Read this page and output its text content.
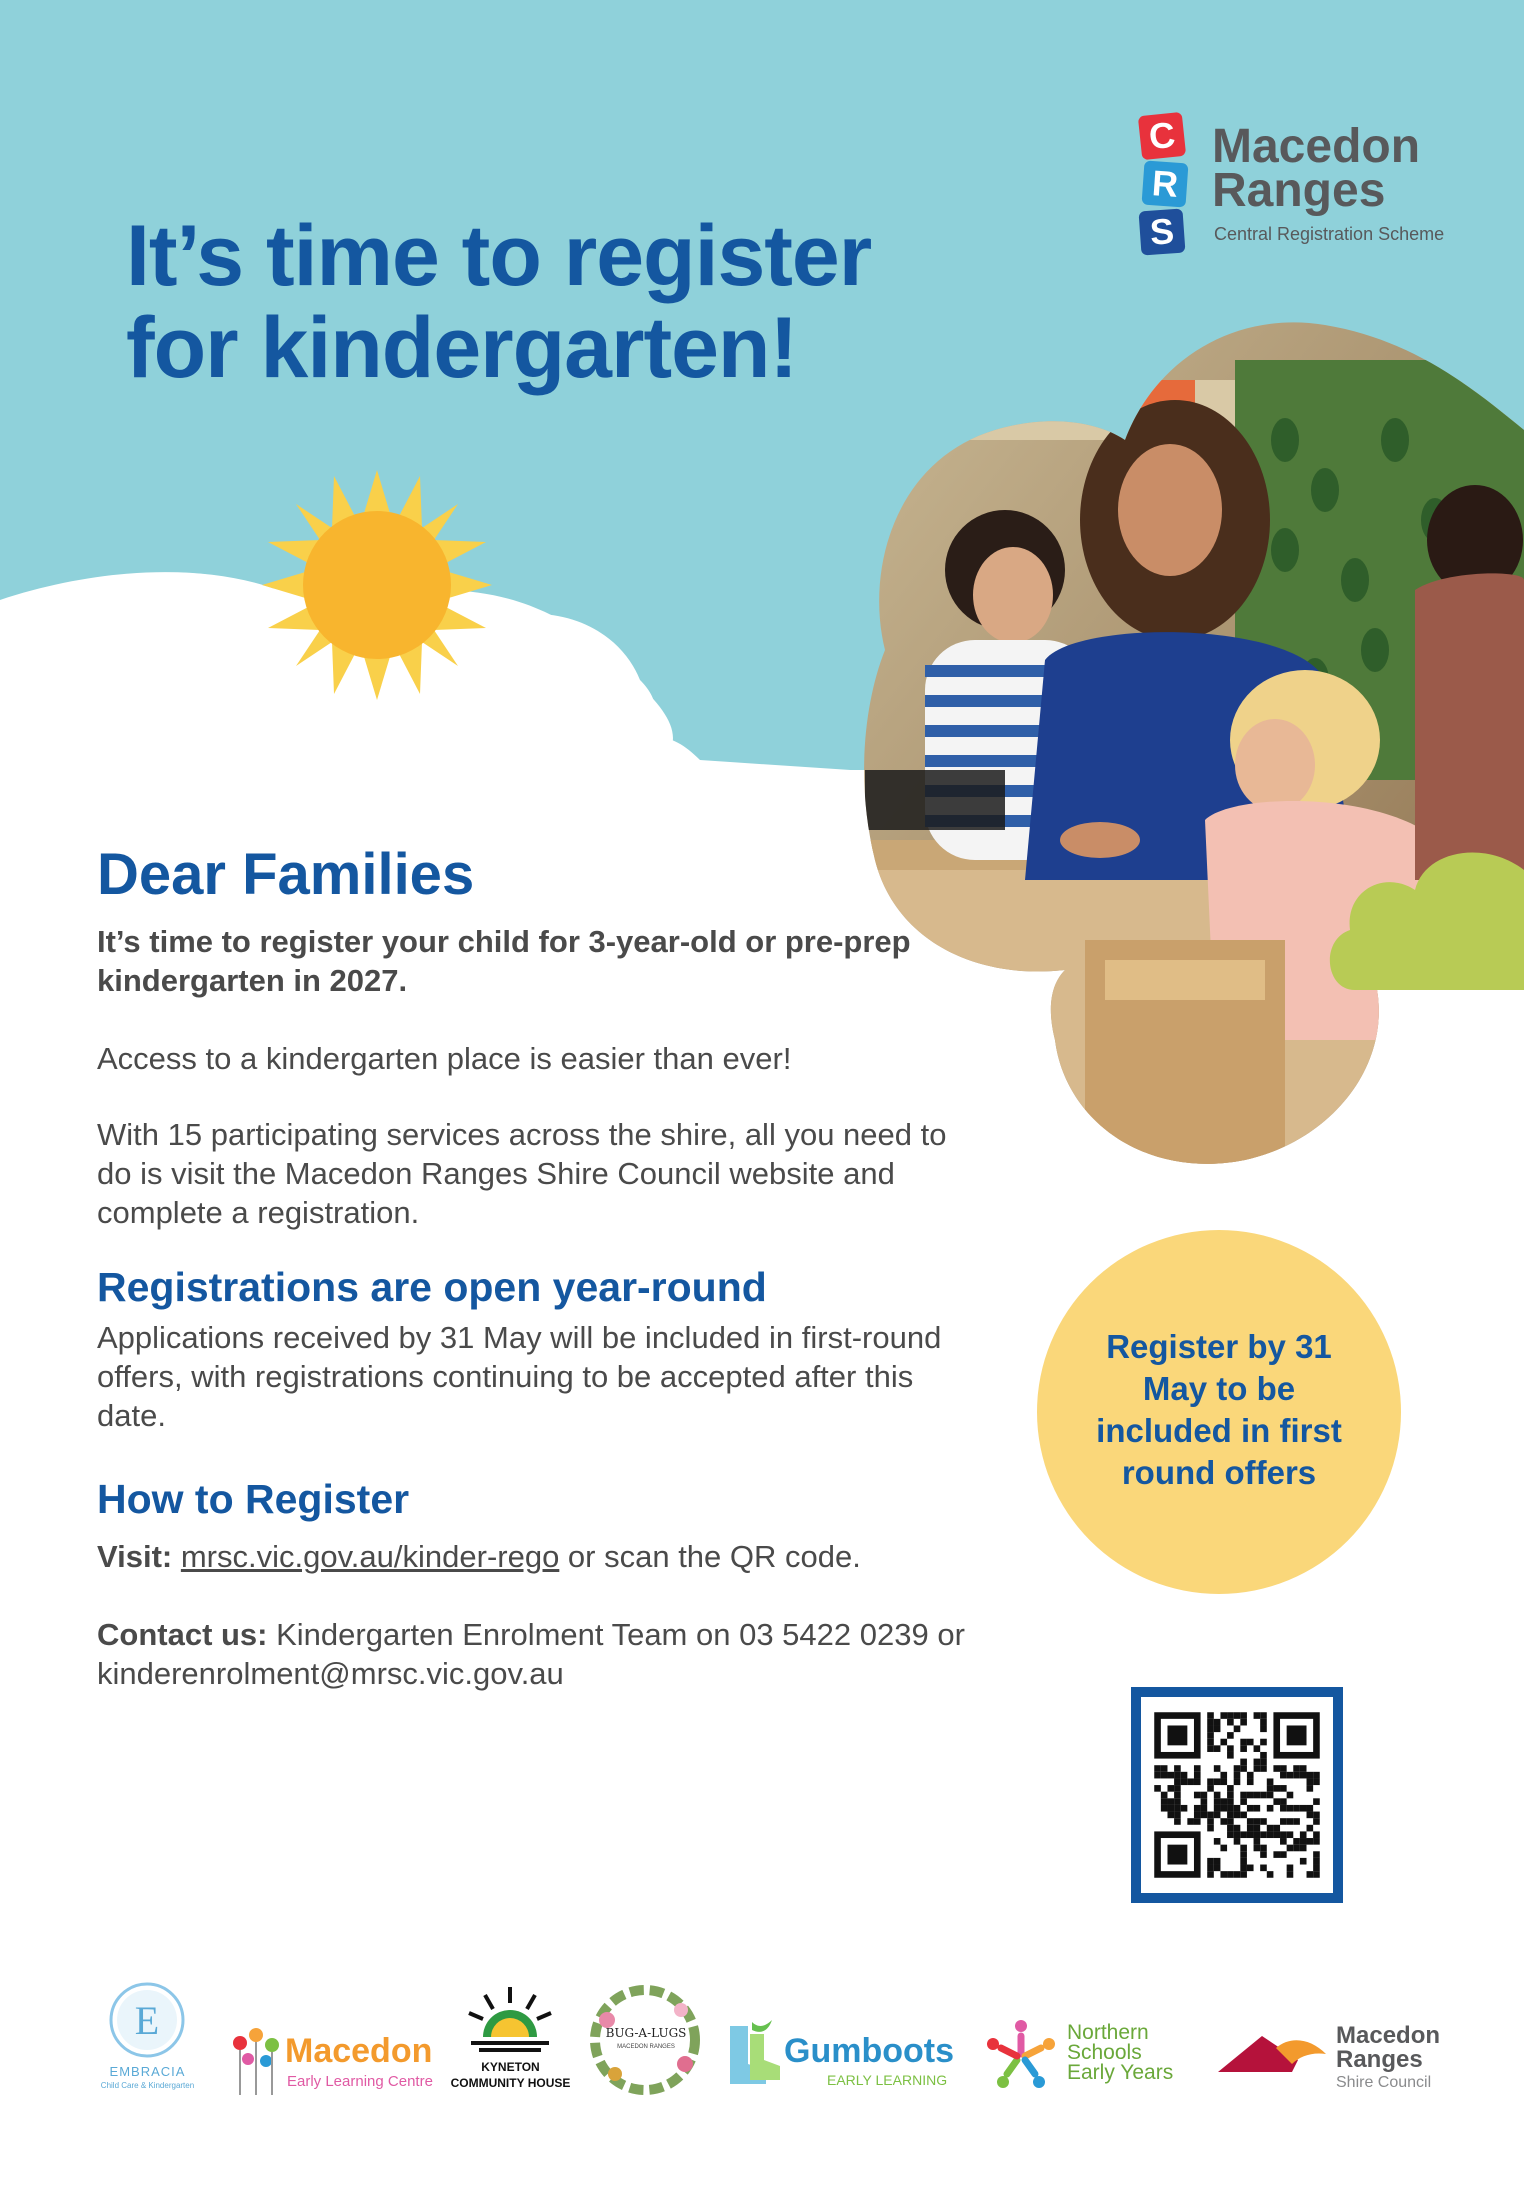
C
R
S
Macedon
Ranges
Central Registration Scheme
It’s time to register
for kindergarten!
Dear Families
It’s time to register your child for 3-year-old or pre-prep kindergarten in 2027.
Access to a kindergarten place is easier than ever!
With 15 participating services across the shire, all you need to do is visit the Macedon Ranges Shire Council website and complete a registration.
Registrations are open year-round
Applications received by 31 May will be included in first-round offers, with registrations continuing to be accepted after this date.
How to Register
Visit: mrsc.vic.gov.au/kinder-rego or scan the QR code.
Contact us: Kindergarten Enrolment Team on 03 5422 0239 or kinderenrolment@mrsc.vic.gov.au
Register by 31 May to be included in first round offers
E
EMBRACIA
Child Care & Kindergarten
Macedon
Early Learning Centre
KYNETON
COMMUNITY HOUSE
BUG-A-LUGS
MACEDON RANGES	Gumboots
EARLY LEARNING
Northern
Schools
Early Years
Macedon
Ranges
Shire Council
